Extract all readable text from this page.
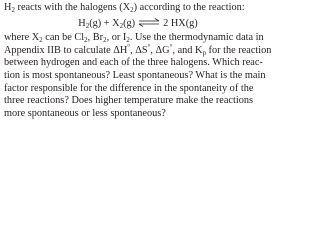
$H_2$ reacts with the halogens $(X_2)$ according to the reaction:
$H_2(g) + X_2(g)$ ⇌ 2 HX(g)
where $X_2$ can be $Cl_2$, $Br_2$, or $I_2$. Use the thermodynamic data in
Appendix IIB to calculate ΔH°, ΔS°, ΔG°, and $K_p$ for the reaction
between hydrogen and each of the three halogens. Which reac-
tion is most spontaneous? Least spontaneous? What is the main
factor responsible for the difference in the spontaneity of the
three reactions? Does higher temperature make the reactions
more spontaneous or less spontaneous?
